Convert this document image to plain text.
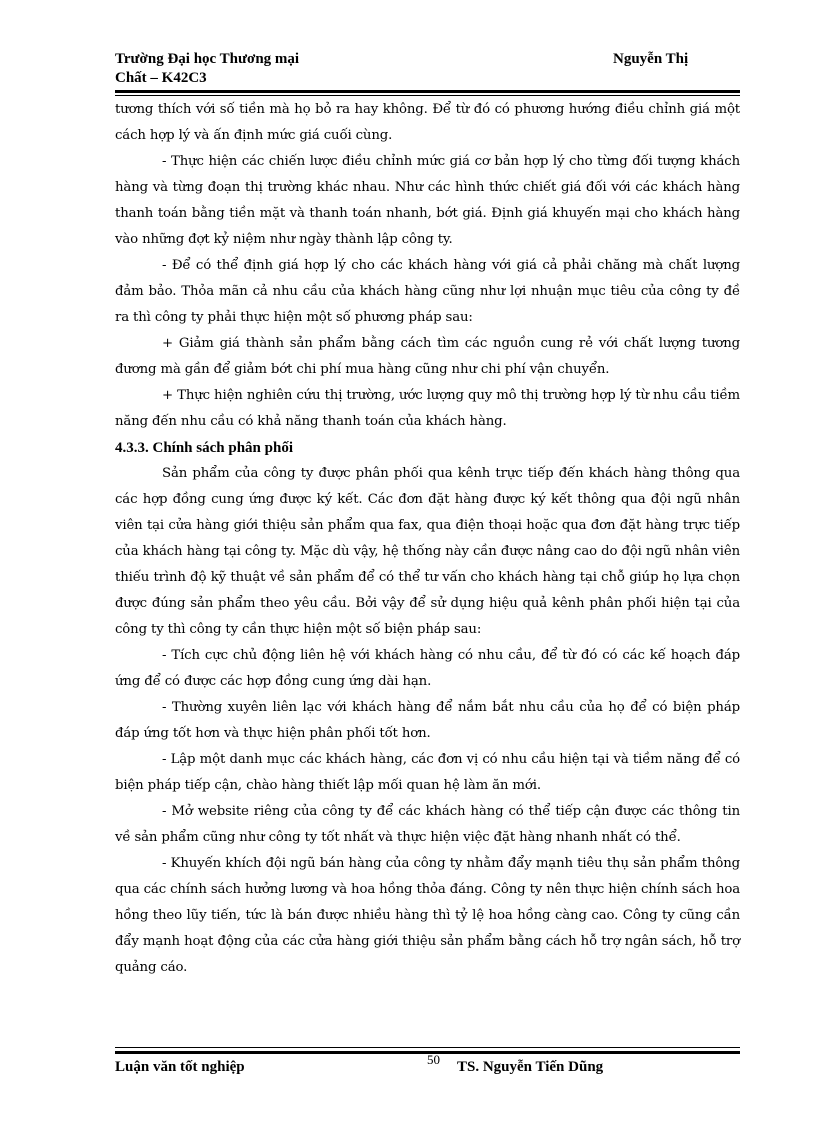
Trường Đại học Thương mại	Nguyễn Thị
Chất – K42C3

tương thích với số tiền mà họ bỏ ra hay không. Để từ đó có phương hướng điều chỉnh giá một cách hợp lý và ấn định mức giá cuối cùng.

- Thực hiện các chiến lược điều chỉnh mức giá cơ bản hợp lý cho từng đối tượng khách hàng và từng đoạn thị trường khác nhau. Như các hình thức chiết giá đối với các khách hàng thanh toán bằng tiền mặt và thanh toán nhanh, bớt giá. Định giá khuyến mại cho khách hàng vào những đợt kỷ niệm như ngày thành lập công ty.

- Để có thể định giá hợp lý cho các khách hàng với giá cả phải chăng mà chất lượng đảm bảo. Thỏa mãn cả nhu cầu của khách hàng cũng như lợi nhuận mục tiêu của công ty đề ra thì công ty phải thực hiện một số phương pháp sau:

+ Giảm giá thành sản phẩm bằng cách tìm các nguồn cung rẻ với chất lượng tương đương mà gần để giảm bớt chi phí mua hàng cũng như chi phí vận chuyển.

+ Thực hiện nghiên cứu thị trường, ước lượng quy mô thị trường hợp lý từ nhu cầu tiềm năng đến nhu cầu có khả năng thanh toán của khách hàng.

4.3.3. Chính sách phân phối

Sản phẩm của công ty được phân phối qua kênh trực tiếp đến khách hàng thông qua các hợp đồng cung ứng được ký kết. Các đơn đặt hàng được ký kết thông qua đội ngũ nhân viên tại cửa hàng giới thiệu sản phẩm qua fax, qua điện thoại hoặc qua đơn đặt hàng trực tiếp của khách hàng tại công ty. Mặc dù vậy, hệ thống này cần được nâng cao do đội ngũ nhân viên thiếu trình độ kỹ thuật về sản phẩm để có thể tư vấn cho khách hàng tại chỗ giúp họ lựa chọn được đúng sản phẩm theo yêu cầu. Bởi vậy để sử dụng hiệu quả kênh phân phối hiện tại của công ty thì công ty cần thực hiện một số biện pháp sau:

- Tích cực chủ động liên hệ với khách hàng có nhu cầu, để từ đó có các kế hoạch đáp ứng để có được các hợp đồng cung ứng dài hạn.

- Thường xuyên liên lạc với khách hàng để nắm bắt nhu cầu của họ để có biện pháp đáp ứng tốt hơn và thực hiện phân phối tốt hơn.

- Lập một danh mục các khách hàng, các đơn vị có nhu cầu hiện tại và tiềm năng để có biện pháp tiếp cận, chào hàng thiết lập mối quan hệ làm ăn mới.

- Mở website riêng của công ty để các khách hàng có thể tiếp cận được các thông tin về sản phẩm cũng như công ty tốt nhất và thực hiện việc đặt hàng nhanh nhất có thể.

- Khuyến khích đội ngũ bán hàng của công ty nhằm đẩy mạnh tiêu thụ sản phẩm thông qua các chính sách hưởng lương và hoa hồng thỏa đáng. Công ty nên thực hiện chính sách hoa hồng theo lũy tiến, tức là bán được nhiều hàng thì tỷ lệ hoa hồng càng cao. Công ty cũng cần đẩy mạnh hoạt động của các cửa hàng giới thiệu sản phẩm bằng cách hỗ trợ ngân sách, hỗ trợ quảng cáo.

Luận văn tốt nghiệp	50 TS. Nguyễn Tiến Dũng
